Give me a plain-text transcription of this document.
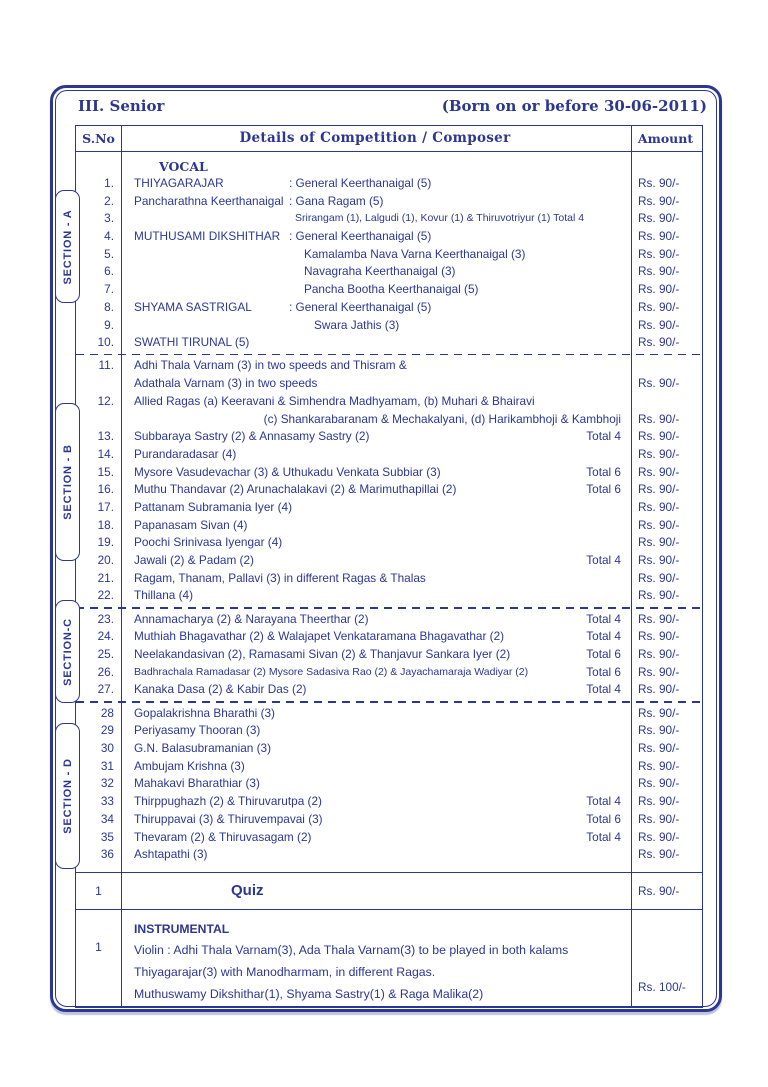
III. Senior	(Born on or before 30-06-2011)
S.No	Details of Competition / Composer	Amount
VOCAL
1.	THIYAGARAJAR	: General Keerthanaigal (5)	Rs. 90/-
2.	Pancharathna Keerthanaigal : Gana Ragam (5)	Rs. 90/-
3.	Srirangam (1), Lalgudi (1), Kovur (1) & Thiruvotriyur (1) Total 4	Rs. 90/-
4.	MUTHUSAMI DIKSHITHAR : General Keerthanaigal (5)	Rs. 90/-
5.	Kamalamba Nava Varna Keerthanaigal (3)	Rs. 90/-
6.	Navagraha Keerthanaigal (3)	Rs. 90/-
7.	Pancha Bootha Keerthanaigal (5)	Rs. 90/-
8.	SHYAMA SASTRIGAL	: General Keerthanaigal (5)	Rs. 90/-
9.	Swara Jathis (3)	Rs. 90/-
10.	SWATHI TIRUNAL (5)	Rs. 90/-
11.	Adhi Thala Varnam (3) in two speeds and Thisram &
Adathala Varnam (3) in two speeds	Rs. 90/-
12.	Allied Ragas (a) Keeravani & Simhendra Madhyamam, (b) Muhari & Bhairavi
(c) Shankarabaranam & Mechakalyani, (d) Harikambhoji & Kambhoji	Rs. 90/-
13.	Subbaraya Sastry (2) & Annasamy Sastry (2)	Total 4	Rs. 90/-
14.	Purandaradasar (4)	Rs. 90/-
15.	Mysore Vasudevachar (3) & Uthukadu Venkata Subbiar (3)	Total 6	Rs. 90/-
16.	Muthu Thandavar (2) Arunachalakavi (2) & Marimuthapillai (2)	Total 6	Rs. 90/-
17.	Pattanam Subramania Iyer (4)	Rs. 90/-
18.	Papanasam Sivan (4)	Rs. 90/-
19.	Poochi Srinivasa Iyengar (4)	Rs. 90/-
20.	Jawali (2) & Padam (2)	Total 4	Rs. 90/-
21.	Ragam, Thanam, Pallavi (3) in different Ragas & Thalas	Rs. 90/-
22.	Thillana (4)	Rs. 90/-
23.	Annamacharya (2) & Narayana Theerthar (2)	Total 4	Rs. 90/-
24.	Muthiah Bhagavathar (2) & Walajapet Venkataramana Bhagavathar (2)	Total 4	Rs. 90/-
25.	Neelakandasivan (2), Ramasami Sivan (2) & Thanjavur Sankara Iyer (2)	Total 6	Rs. 90/-
26.	Badhrachala Ramadasar (2) Mysore Sadasiva Rao (2) & Jayachamaraja Wadiyar (2)	Total 6	Rs. 90/-
27.	Kanaka Dasa (2) & Kabir Das (2)	Total 4	Rs. 90/-
28	Gopalakrishna Bharathi (3)	Rs. 90/-
29	Periyasamy Thooran (3)	Rs. 90/-
30	G.N. Balasubramanian (3)	Rs. 90/-
31	Ambujam Krishna (3)	Rs. 90/-
32	Mahakavi Bharathiar (3)	Rs. 90/-
33	Thirppughazh (2) & Thiruvarutpa (2)	Total 4	Rs. 90/-
34	Thiruppavai (3) & Thiruvempavai (3)	Total 6	Rs. 90/-
35	Thevaram (2) & Thiruvasagam (2)	Total 4	Rs. 90/-
36	Ashtapathi (3)	Rs. 90/-
1	Quiz	Rs. 90/-
1
INSTRUMENTAL
Violin : Adhi Thala Varnam(3), Ada Thala Varnam(3) to be played in both kalams
Thiyagarajar(3) with Manodharmam, in different Ragas.
Muthuswamy Dikshithar(1), Shyama Sastry(1) & Raga Malika(2)	Rs. 100/-
SECTION - A
SECTION - B
SECTION-C
SECTION - D
